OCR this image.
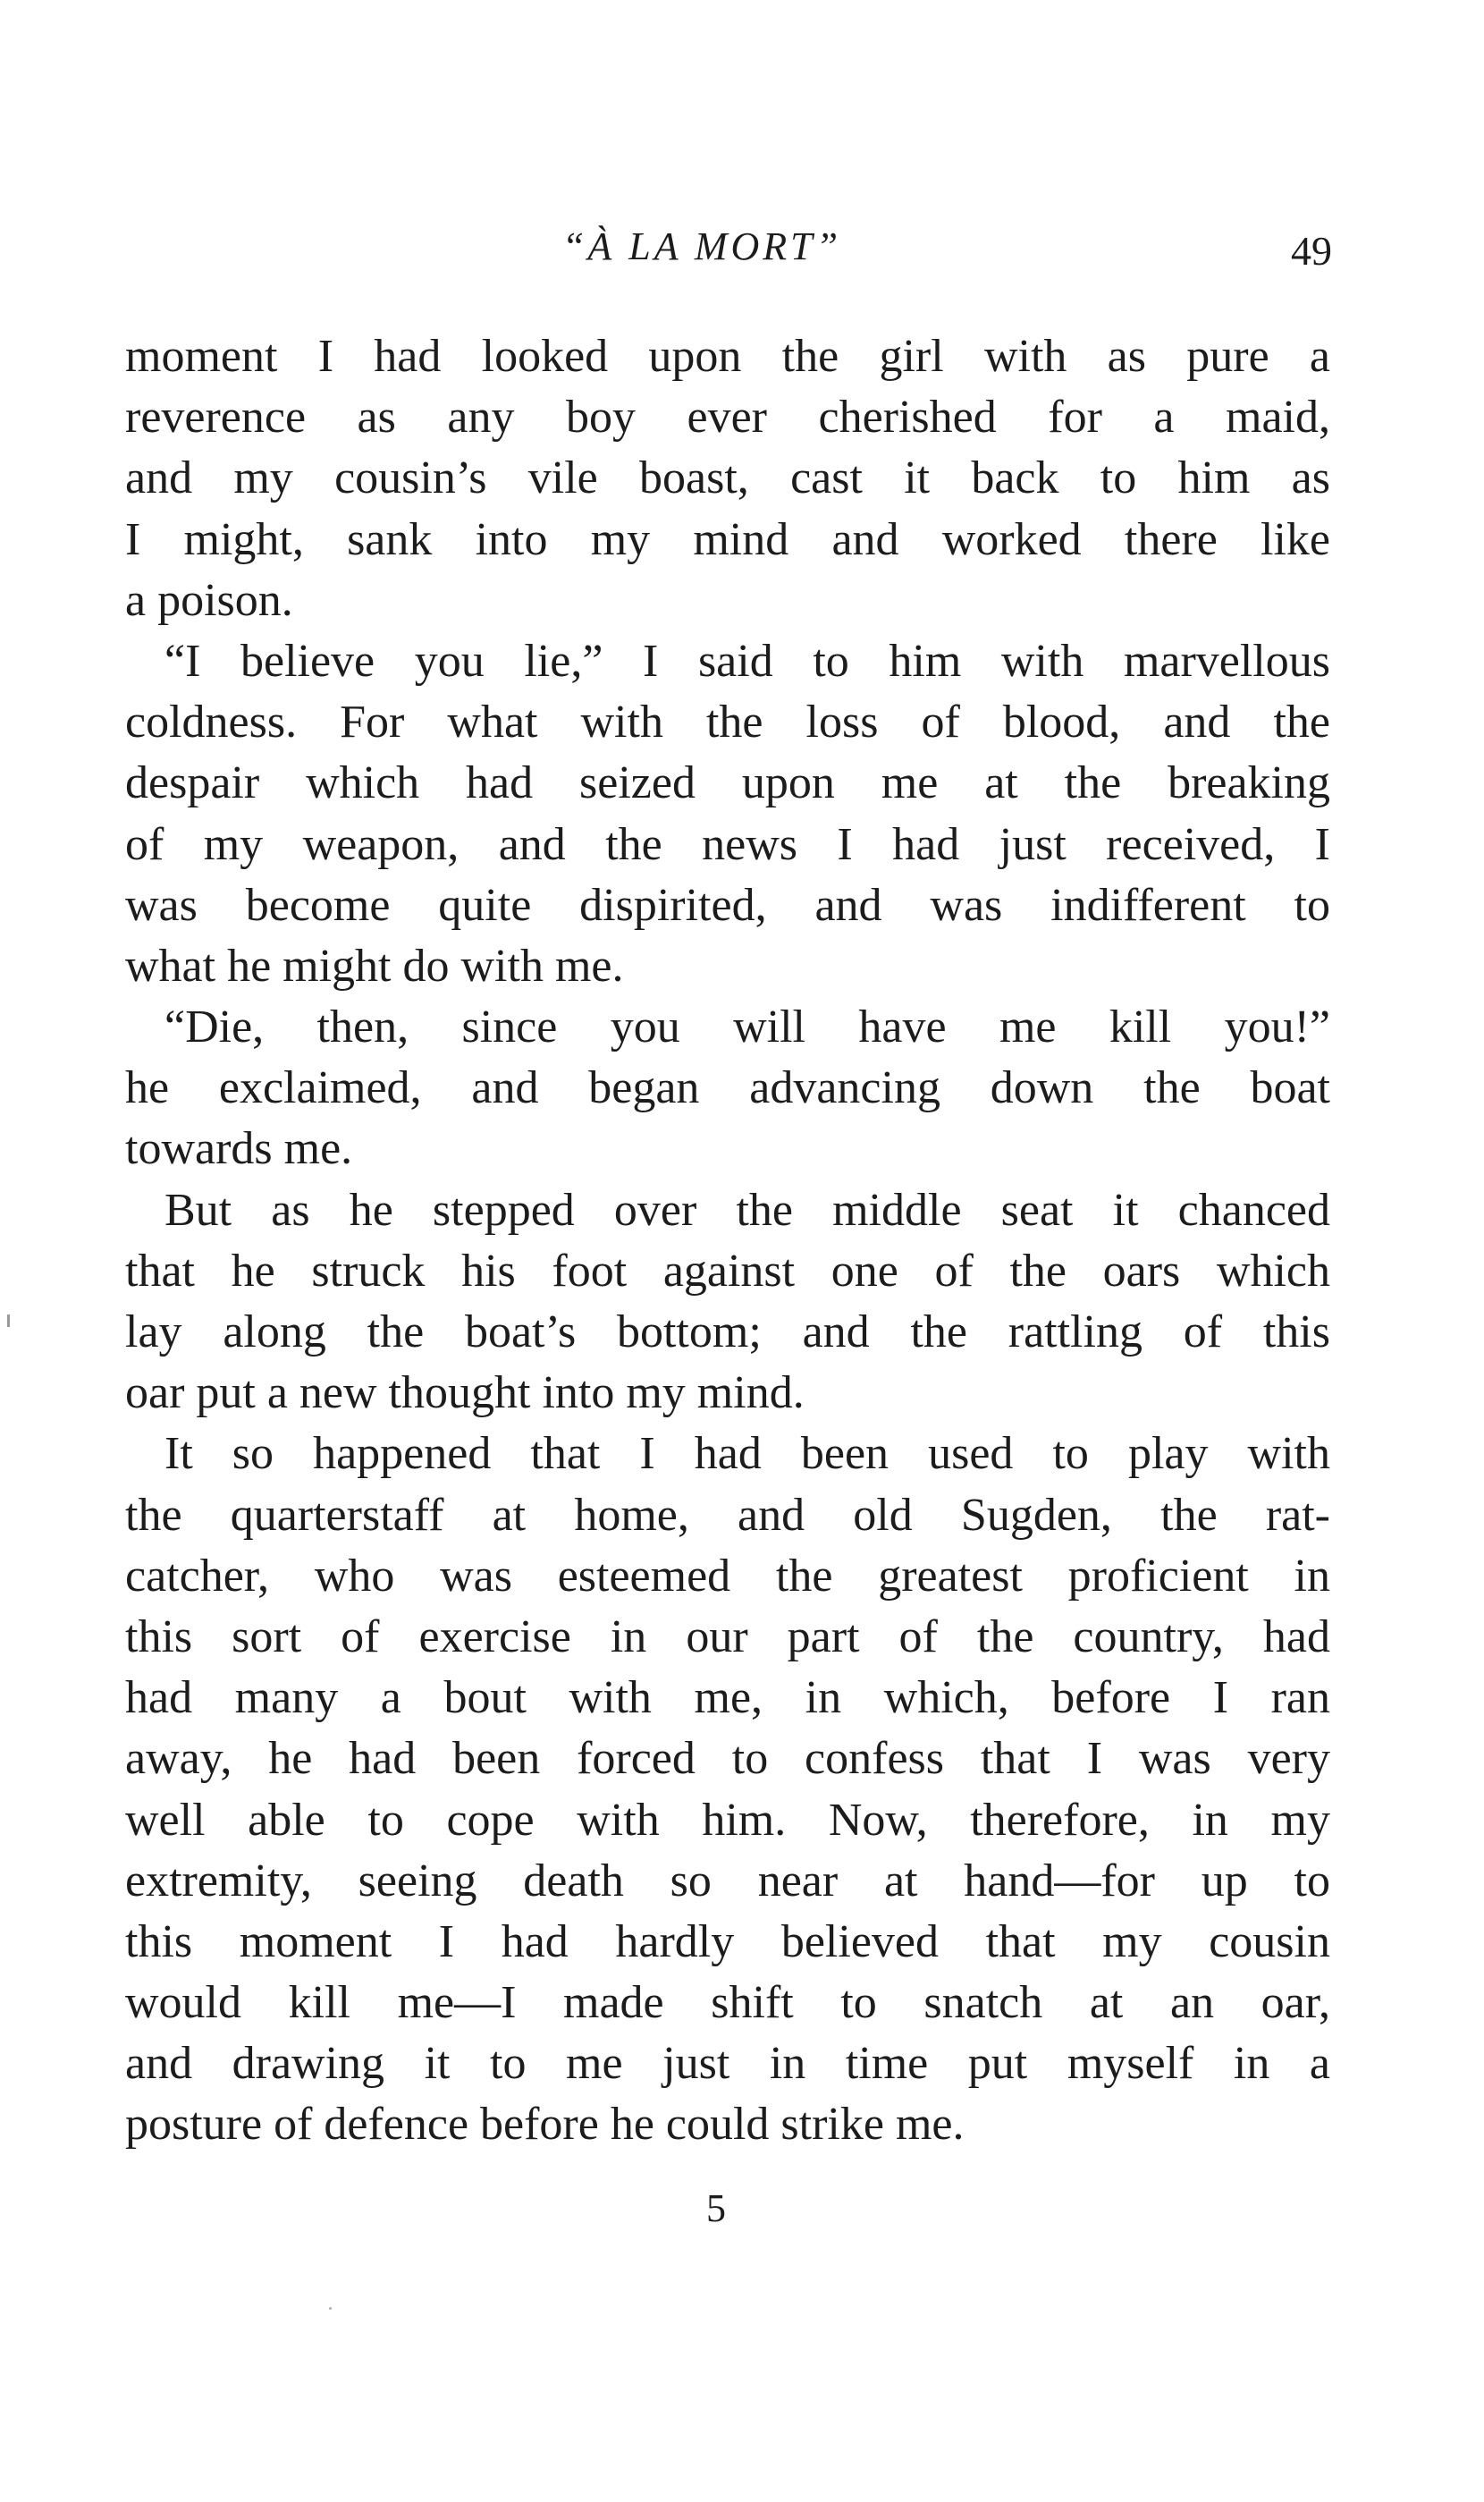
“À LA MORT”	49
moment I had looked upon the girl with as pure a
reverence as any boy ever cherished for a maid,
and my cousin’s vile boast, cast it back to him as
I might, sank into my mind and worked there like
a poison.
“I believe you lie,” I said to him with marvellous
coldness. For what with the loss of blood, and the
despair which had seized upon me at the breaking
of my weapon, and the news I had just received, I
was become quite dispirited, and was indifferent to
what he might do with me.
“Die, then, since you will have me kill you!”
he exclaimed, and began advancing down the boat
towards me.
But as he stepped over the middle seat it chanced
that he struck his foot against one of the oars which
lay along the boat’s bottom; and the rattling of this
oar put a new thought into my mind.
It so happened that I had been used to play with
the quarterstaff at home, and old Sugden, the rat-
catcher, who was esteemed the greatest proficient in
this sort of exercise in our part of the country, had
had many a bout with me, in which, before I ran
away, he had been forced to confess that I was very
well able to cope with him. Now, therefore, in my
extremity, seeing death so near at hand—for up to
this moment I had hardly believed that my cousin
would kill me—I made shift to snatch at an oar,
and drawing it to me just in time put myself in a
posture of defence before he could strike me.
5
